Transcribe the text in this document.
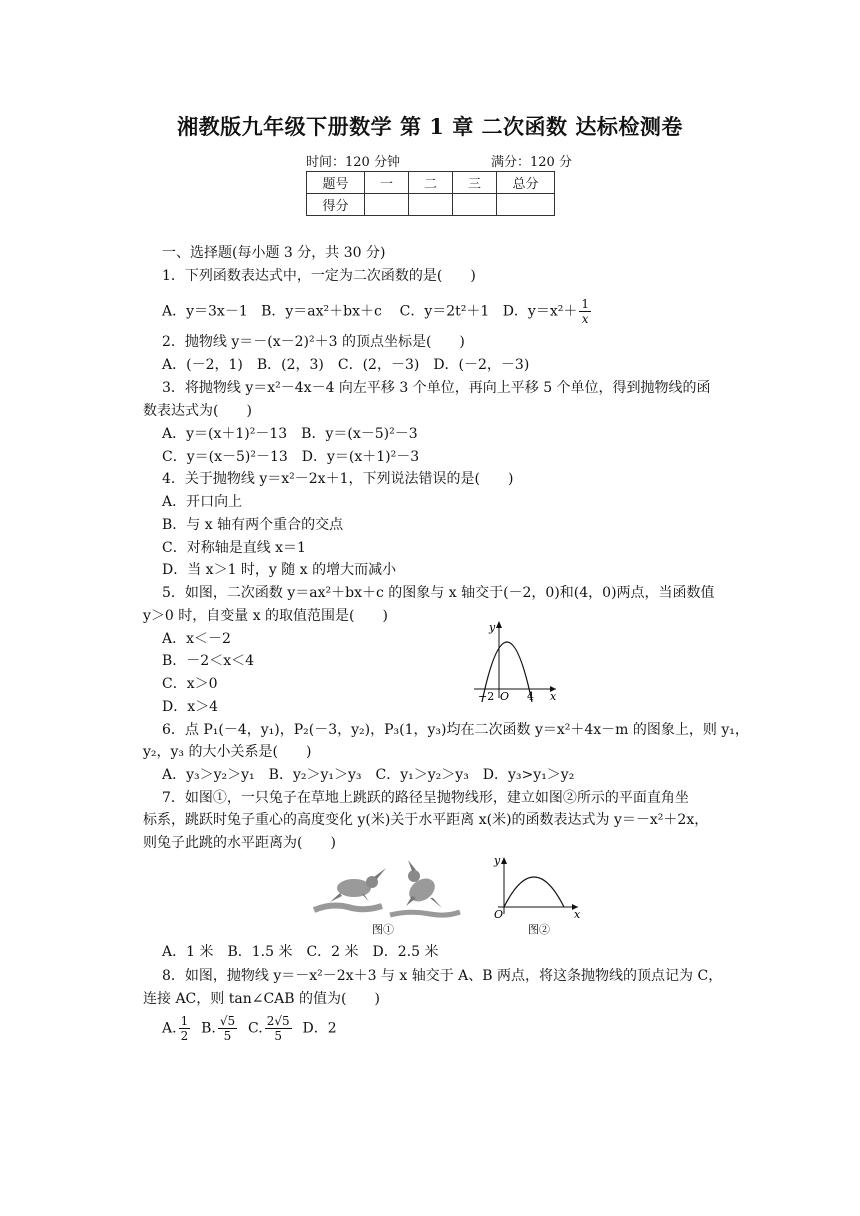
湘教版九年级下册数学 第 1 章 二次函数 达标检测卷
时间：120 分钟	满分：120 分
题号	一	二	三	总分
得分				
一、选择题(每小题 3 分，共 30 分)
1．下列函数表达式中，一定为二次函数的是(　　)
A．y＝3x－1 B．y＝ax²＋bx＋c C．y＝2t²＋1 D．$y=x^2+ \frac{1}{x}$
2．抛物线 y＝－(x－2)²＋3 的顶点坐标是(　　)
A．(－2，1)　B．(2，3)　C．(2，－3)　D．(－2，－3)
3．将抛物线 y＝x²－4x－4 向左平移 3 个单位，再向上平移 5 个单位，得到抛物线的函
数表达式为(　　)
A．y＝(x＋1)²－13　B．y＝(x－5)²－3
C．y＝(x－5)²－13　D．y＝(x＋1)²－3
4．关于抛物线 y＝x²－2x＋1，下列说法错误的是(　　)
A．开口向上
B．与 x 轴有两个重合的交点
C．对称轴是直线 x＝1
D．当 x＞1 时，y 随 x 的增大而减小
5．如图，二次函数 y＝ax²＋bx＋c 的图象与 x 轴交于(－2，0)和(4，0)两点，当函数值
y＞0 时，自变量 x 的取值范围是(　　)
A．x＜－2
B．－2＜x＜4
C．x＞0
D．x＞4
y
x
O
−2	4
6．点 P₁(－4，y₁)，P₂(－3，y₂)，P₃(1，y₃)均在二次函数 y＝x²＋4x－m 的图象上，则 y₁，
y₂，y₃ 的大小关系是(　　)
A．y₃＞y₂＞y₁　B．y₂＞y₁＞y₃　C．y₁＞y₂＞y₃　D．y₃>y₁＞y₂
7．如图①，一只兔子在草地上跳跃的路径呈抛物线形，建立如图②所示的平面直角坐
标系，跳跃时兔子重心的高度变化 y(米)关于水平距离 x(米)的函数表达式为 y＝－x²＋2x，
则兔子此跳的水平距离为(　　)
图①
y
x
O
图②
A．1 米　B．1.5 米　C．2 米　D．2.5 米
8．如图，抛物线 y＝－x²－2x＋3 与 x 轴交于 A、B 两点，将这条抛物线的顶点记为 C，
连接 AC，则 tan∠CAB 的值为(　　)
A. $\frac{1}{2} B$. $\frac{√5}{5} C$. $\frac{2√5}{5}$ D．2
